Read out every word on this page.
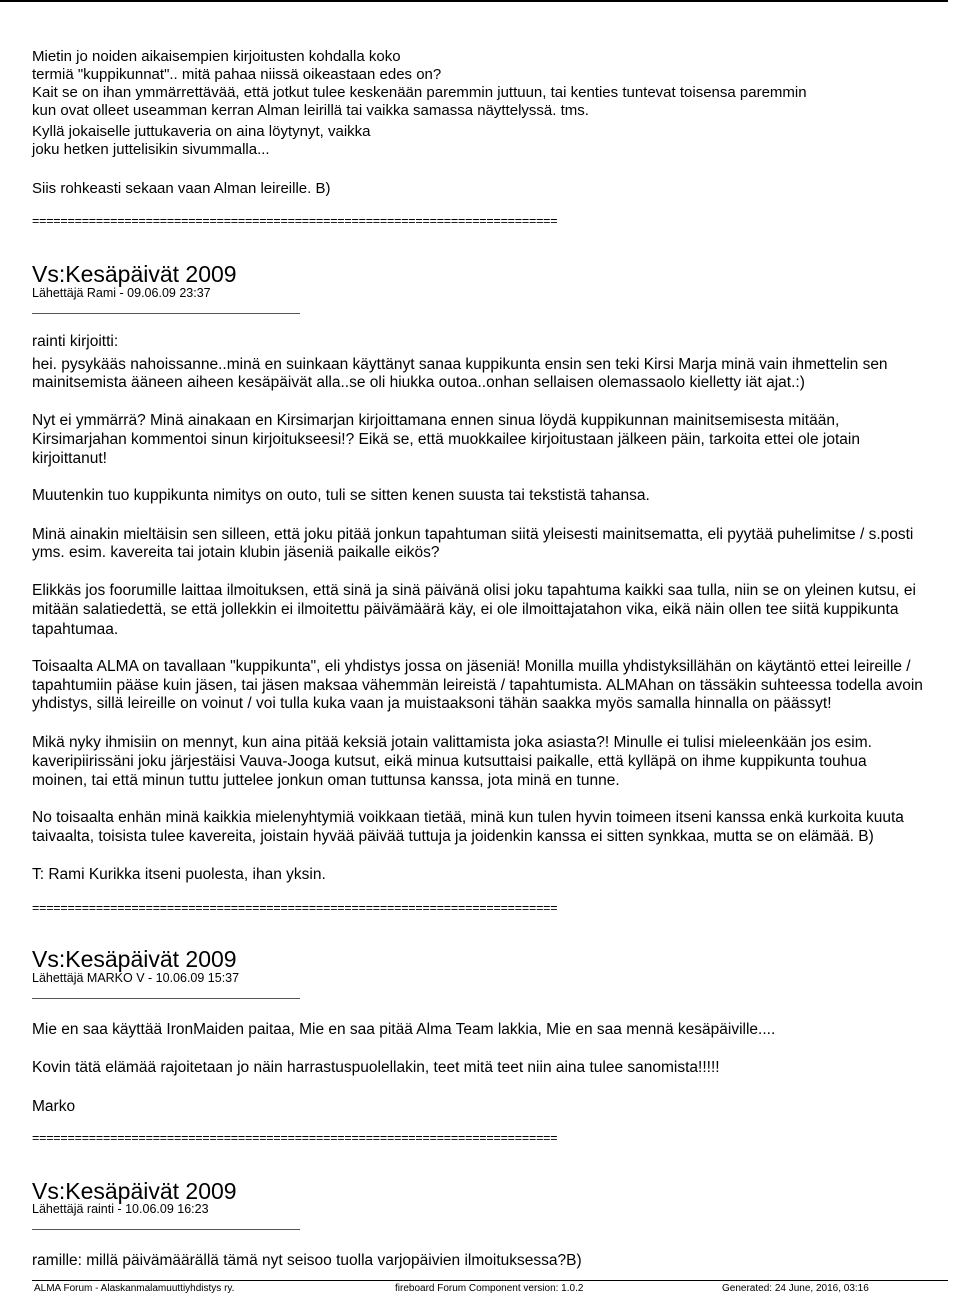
Mietin jo noiden aikaisempien kirjoitusten kohdalla koko
termiä "kuppikunnat".. mitä pahaa niissä oikeastaan edes on?
Kait se on ihan ymmärrettävää, että jotkut tulee keskenään paremmin juttuun, tai kenties tuntevat toisensa paremmin
kun ovat olleet useamman kerran Alman leirillä tai vaikka samassa näyttelyssä. tms.
Kyllä jokaiselle juttukaveria on aina löytynyt, vaikka
joku hetken juttelisikin sivummalla...
Siis rohkeasti sekaan vaan Alman leireille. B)
==========================================================================
Vs:Kesäpäivät 2009
Lähettäjä Rami - 09.06.09 23:37
rainti kirjoitti:
hei. pysykääs nahoissanne..minä en suinkaan käyttänyt sanaa kuppikunta ensin sen teki Kirsi Marja minä vain ihmettelin sen
mainitsemista ääneen aiheen kesäpäivät alla..se oli hiukka outoa..onhan sellaisen olemassaolo kielletty iät ajat.:)
Nyt ei ymmärrä? Minä ainakaan en Kirsimarjan kirjoittamana ennen sinua löydä kuppikunnan mainitsemisesta mitään,
Kirsimarjahan kommentoi sinun kirjoitukseesi!? Eikä se, että muokkailee kirjoitustaan jälkeen päin, tarkoita ettei ole jotain
kirjoittanut!
Muutenkin tuo kuppikunta nimitys on outo, tuli se sitten kenen suusta tai tekstistä tahansa.
Minä ainakin mieltäisin sen silleen, että joku pitää jonkun tapahtuman siitä yleisesti mainitsematta, eli pyytää puhelimitse / s.posti
yms. esim. kavereita tai jotain klubin jäseniä paikalle eikös?
Elikkäs jos foorumille laittaa ilmoituksen, että sinä ja sinä päivänä olisi joku tapahtuma kaikki saa tulla, niin se on yleinen kutsu, ei
mitään salatiedettä, se että jollekkin ei ilmoitettu päivämäärä käy, ei ole ilmoittajatahon vika, eikä näin ollen tee siitä kuppikunta
tapahtumaa.
Toisaalta ALMA on tavallaan "kuppikunta", eli yhdistys jossa on jäseniä! Monilla muilla yhdistyksillähän on käytäntö ettei leireille /
tapahtumiin pääse kuin jäsen, tai jäsen maksaa vähemmän leireistä / tapahtumista. ALMAhan on tässäkin suhteessa todella avoin
yhdistys, sillä leireille on voinut / voi tulla kuka vaan ja muistaaksoni tähän saakka myös samalla hinnalla on päässyt!
Mikä nyky ihmisiin on mennyt, kun aina pitää keksiä jotain valittamista joka asiasta?! Minulle ei tulisi mieleenkään jos esim.
kaveripiirissäni joku järjestäisi Vauva-Jooga kutsut, eikä minua kutsuttaisi paikalle, että kylläpä on ihme kuppikunta touhua
moinen, tai että minun tuttu juttelee jonkun oman tuttunsa kanssa, jota minä en tunne.
No toisaalta enhän minä kaikkia mielenyhtymiä voikkaan tietää, minä kun tulen hyvin toimeen itseni kanssa enkä kurkoita kuuta
taivaalta, toisista tulee kavereita, joistain hyvää päivää tuttuja ja joidenkin kanssa ei sitten synkkaa, mutta se on elämää. B)
T: Rami Kurikka itseni puolesta, ihan yksin.
==========================================================================
Vs:Kesäpäivät 2009
Lähettäjä MARKO V - 10.06.09 15:37
Mie en saa käyttää IronMaiden paitaa, Mie en saa pitää Alma Team lakkia, Mie en saa mennä kesäpäiville....
Kovin tätä elämää rajoitetaan jo näin harrastuspuolellakin, teet mitä teet niin aina tulee sanomista!!!!!
Marko
==========================================================================
Vs:Kesäpäivät 2009
Lähettäjä rainti - 10.06.09 16:23
ramille: millä päivämäärällä tämä nyt seisoo tuolla varjopäivien ilmoituksessa?B)
ALMA Forum - Alaskanmalamuuttiyhdistys ry.	fireboard Forum Component version: 1.0.2	Generated: 24 June, 2016, 03:16
